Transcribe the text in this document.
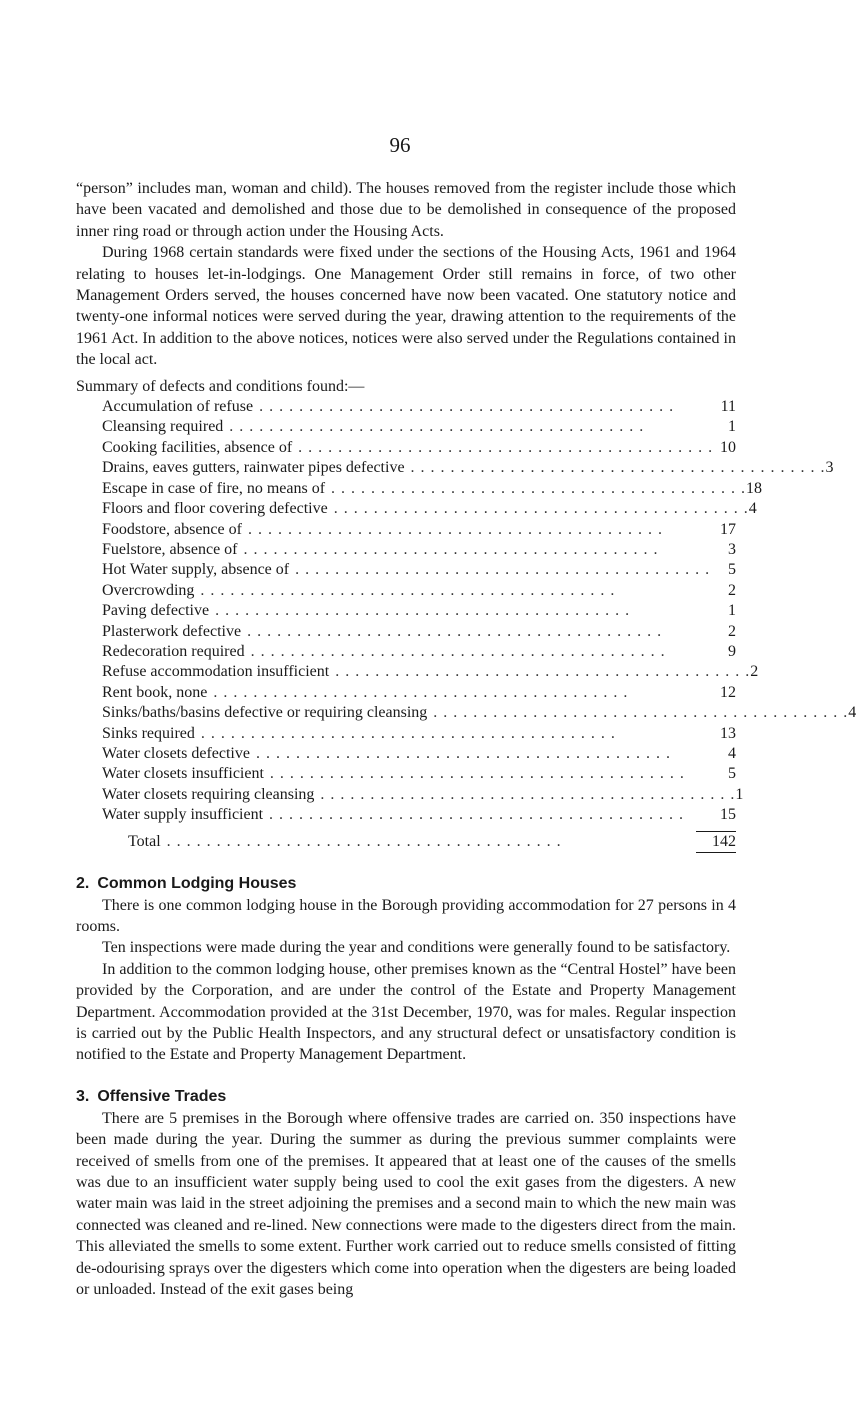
96

“person” includes man, woman and child). The houses removed from the register include those which have been vacated and demolished and those due to be demolished in consequence of the proposed inner ring road or through action under the Housing Acts.

During 1968 certain standards were fixed under the sections of the Housing Acts, 1961 and 1964 relating to houses let-in-lodgings. One Management Order still remains in force, of two other Management Orders served, the houses concerned have now been vacated. One statutory notice and twenty-one informal notices were served during the year, drawing attention to the requirements of the 1961 Act. In addition to the above notices, notices were also served under the Regulations contained in the local act.

Summary of defects and conditions found:—

Accumulation of refuse . . . . . . . . . . . . . . . . . . . . . . . . . . . . . . . . . . . . . . . . . .	11
Cleansing required . . . . . . . . . . . . . . . . . . . . . . . . . . . . . . . . . . . . . . . . . .	1
Cooking facilities, absence of . . . . . . . . . . . . . . . . . . . . . . . . . . . . . . . . . . . . . . . . . . 10
Drains, eaves gutters, rainwater pipes defective . . . . . . . . . . . . . . . . . . . . . . . . . . . . . . . . . . . . . . . . . . 3
Escape in case of fire, no means of . . . . . . . . . . . . . . . . . . . . . . . . . . . . . . . . . . . . . . . . . . 18
Floors and floor covering defective . . . . . . . . . . . . . . . . . . . . . . . . . . . . . . . . . . . . . . . . . . 4
Foodstore, absence of . . . . . . . . . . . . . . . . . . . . . . . . . . . . . . . . . . . . . . . . . .	17
Fuelstore, absence of . . . . . . . . . . . . . . . . . . . . . . . . . . . . . . . . . . . . . . . . . .	3
Hot Water supply, absence of . . . . . . . . . . . . . . . . . . . . . . . . . . . . . . . . . . . . . . . . . .	5
Overcrowding . . . . . . . . . . . . . . . . . . . . . . . . . . . . . . . . . . . . . . . . . .	2
Paving defective . . . . . . . . . . . . . . . . . . . . . . . . . . . . . . . . . . . . . . . . . .	1
Plasterwork defective . . . . . . . . . . . . . . . . . . . . . . . . . . . . . . . . . . . . . . . . . .	2
Redecoration required . . . . . . . . . . . . . . . . . . . . . . . . . . . . . . . . . . . . . . . . . .	9
Refuse accommodation insufficient . . . . . . . . . . . . . . . . . . . . . . . . . . . . . . . . . . . . . . . . . . 2
Rent book, none . . . . . . . . . . . . . . . . . . . . . . . . . . . . . . . . . . . . . . . . . .	12
Sinks/baths/basins defective or requiring cleansing . . . . . . . . . . . . . . . . . . . . . . . . . . . . . . . . . . . . . . . . . . 4
Sinks required . . . . . . . . . . . . . . . . . . . . . . . . . . . . . . . . . . . . . . . . . .	13
Water closets defective . . . . . . . . . . . . . . . . . . . . . . . . . . . . . . . . . . . . . . . . . .	4
Water closets insufficient . . . . . . . . . . . . . . . . . . . . . . . . . . . . . . . . . . . . . . . . . .	5
Water closets requiring cleansing . . . . . . . . . . . . . . . . . . . . . . . . . . . . . . . . . . . . . . . . . . 1
Water supply insufficient . . . . . . . . . . . . . . . . . . . . . . . . . . . . . . . . . . . . . . . . . .	15
Total . . . . . . . . . . . . . . . . . . . . . . . . . . . . . . . . . . . . . . . .	142
2. Common Lodging Houses

There is one common lodging house in the Borough providing accommodation for 27 persons in 4 rooms.

Ten inspections were made during the year and conditions were generally found to be satisfactory.

In addition to the common lodging house, other premises known as the “Central Hostel” have been provided by the Corporation, and are under the control of the Estate and Property Management Department. Accommodation provided at the 31st December, 1970, was for males. Regular inspection is carried out by the Public Health Inspectors, and any structural defect or unsatisfactory condition is notified to the Estate and Property Management Department.

3. Offensive Trades

There are 5 premises in the Borough where offensive trades are carried on. 350 inspections have been made during the year. During the summer as during the previous summer complaints were received of smells from one of the premises. It appeared that at least one of the causes of the smells was due to an insufficient water supply being used to cool the exit gases from the digesters. A new water main was laid in the street adjoining the premises and a second main to which the new main was connected was cleaned and re-lined. New connections were made to the digesters direct from the main. This alleviated the smells to some extent. Further work carried out to reduce smells consisted of fitting de-odourising sprays over the digesters which come into operation when the digesters are being loaded or unloaded. Instead of the exit gases being
